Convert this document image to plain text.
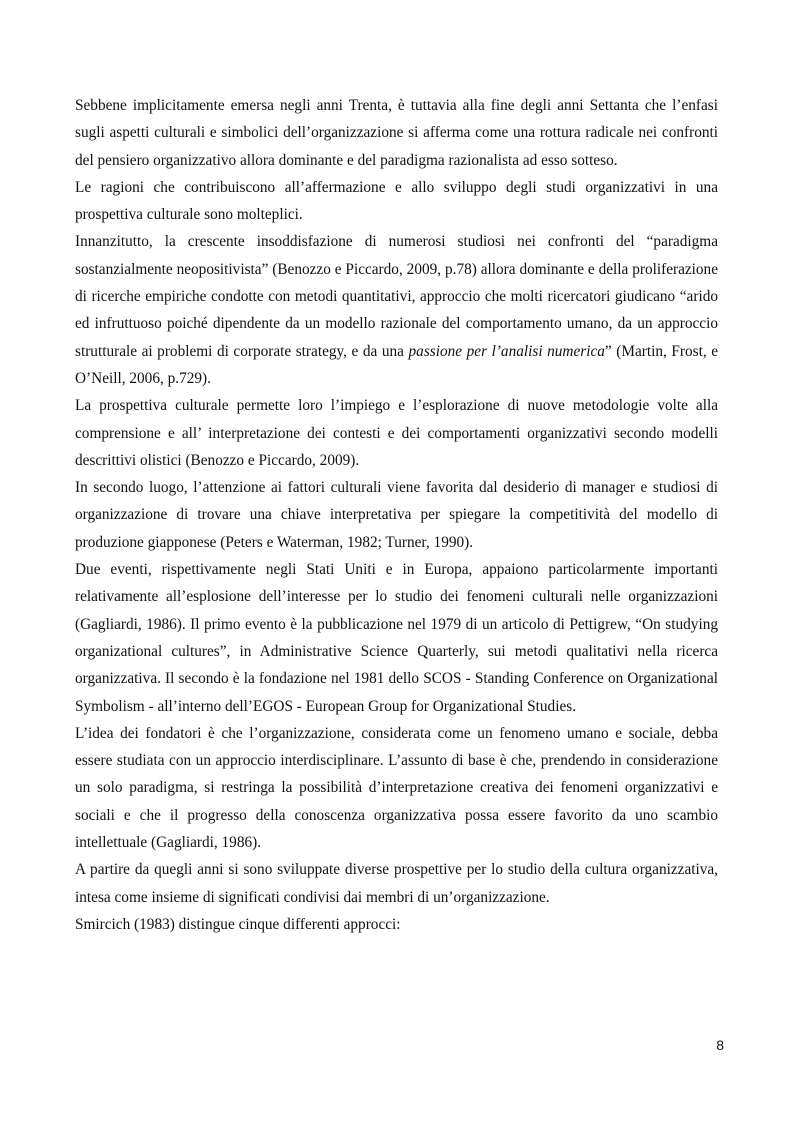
Sebbene implicitamente emersa negli anni Trenta, è tuttavia alla fine degli anni Settanta che l’enfasi sugli aspetti culturali e simbolici dell’organizzazione si afferma come una rottura radicale nei confronti del pensiero organizzativo allora dominante e del paradigma razionalista ad esso sotteso.

Le ragioni che contribuiscono all’affermazione e allo sviluppo degli studi organizzativi in una prospettiva culturale sono molteplici.

Innanzitutto, la crescente insoddisfazione di numerosi studiosi nei confronti del “paradigma sostanzialmente neopositivista” (Benozzo e Piccardo, 2009, p.78) allora dominante e della proliferazione di ricerche empiriche condotte con metodi quantitativi, approccio che molti ricercatori giudicano “arido ed infruttuoso poiché dipendente da un modello razionale del comportamento umano, da un approccio strutturale ai problemi di corporate strategy, e da una passione per l’analisi numerica” (Martin, Frost, e O’Neill, 2006, p.729).

La prospettiva culturale permette loro l’impiego e l’esplorazione di nuove metodologie volte alla comprensione e all’ interpretazione dei contesti e dei comportamenti organizzativi secondo modelli descrittivi olistici (Benozzo e Piccardo, 2009).

In secondo luogo, l’attenzione ai fattori culturali viene favorita dal desiderio di manager e studiosi di organizzazione di trovare una chiave interpretativa per spiegare la competitività del modello di produzione giapponese (Peters e Waterman, 1982; Turner, 1990).

Due eventi, rispettivamente negli Stati Uniti e in Europa, appaiono particolarmente importanti relativamente all’esplosione dell’interesse per lo studio dei fenomeni culturali nelle organizzazioni (Gagliardi, 1986). Il primo evento è la pubblicazione nel 1979 di un articolo di Pettigrew, “On studying organizational cultures”, in Administrative Science Quarterly, sui metodi qualitativi nella ricerca organizzativa. Il secondo è la fondazione nel 1981 dello SCOS - Standing Conference on Organizational Symbolism - all’interno dell’EGOS - European Group for Organizational Studies.

L’idea dei fondatori è che l’organizzazione, considerata come un fenomeno umano e sociale, debba essere studiata con un approccio interdisciplinare. L’assunto di base è che, prendendo in considerazione un solo paradigma, si restringa la possibilità d’interpretazione creativa dei fenomeni organizzativi e sociali e che il progresso della conoscenza organizzativa possa essere favorito da uno scambio intellettuale (Gagliardi, 1986).

A partire da quegli anni si sono sviluppate diverse prospettive per lo studio della cultura organizzativa, intesa come insieme di significati condivisi dai membri di un’organizzazione.

Smircich (1983) distingue cinque differenti approcci:

8
